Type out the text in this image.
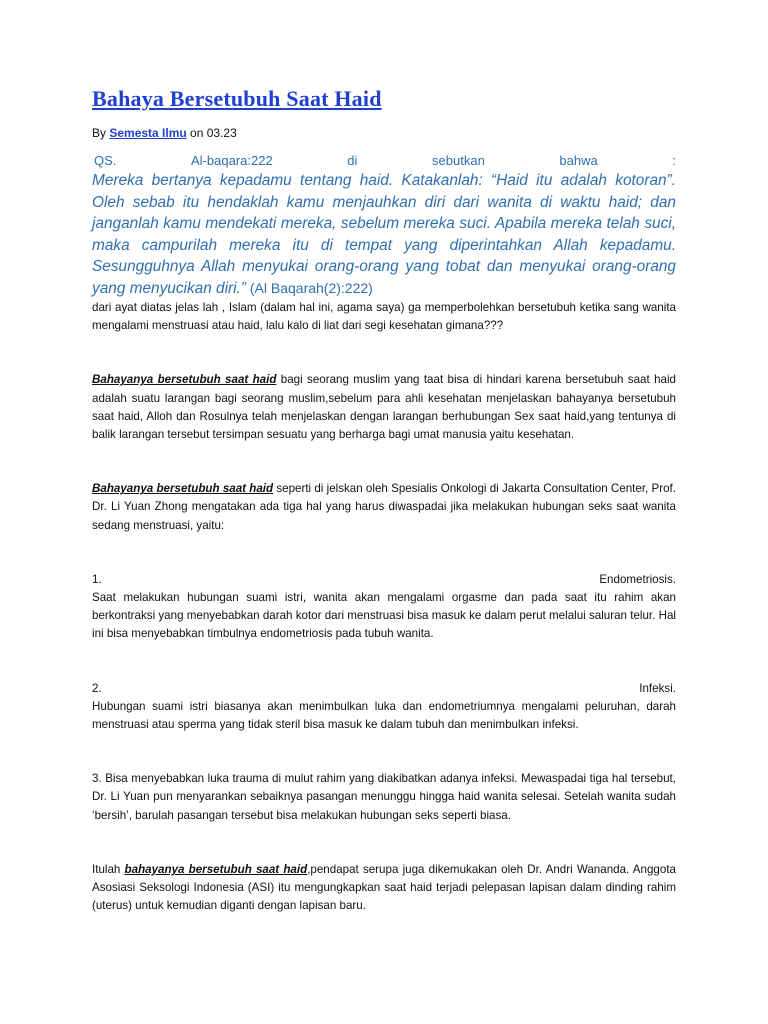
Bahaya Bersetubuh Saat Haid
By Semesta Ilmu on 03.23
QS.	Al-baqara:222	di	sebutkan	bahwa	:

Mereka bertanya kepadamu tentang haid. Katakanlah: “Haid itu adalah kotoran”. Oleh sebab itu hendaklah kamu menjauhkan diri dari wanita di waktu haid; dan janganlah kamu mendekati mereka, sebelum mereka suci. Apabila mereka telah suci, maka campurilah mereka itu di tempat yang diperintahkan Allah kepadamu. Sesungguhnya Allah menyukai orang-orang yang tobat dan menyukai orang-orang yang menyucikan diri.” (Al Baqarah(2):222)

dari ayat diatas jelas lah , Islam (dalam hal ini, agama saya) ga memperbolehkan bersetubuh ketika sang wanita mengalami menstruasi atau haid, lalu kalo di liat dari segi kesehatan gimana???

Bahayanya bersetubuh saat haid bagi seorang muslim yang taat bisa di hindari karena bersetubuh saat haid adalah suatu larangan bagi seorang muslim,sebelum para ahli kesehatan menjelaskan bahayanya bersetubuh saat haid, Alloh dan Rosulnya telah menjelaskan dengan larangan berhubungan Sex saat haid,yang tentunya di balik larangan tersebut tersimpan sesuatu yang berharga bagi umat manusia yaitu kesehatan.

Bahayanya bersetubuh saat haid seperti di jelskan oleh Spesialis Onkologi di Jakarta Consultation Center, Prof. Dr. Li Yuan Zhong mengatakan ada tiga hal yang harus diwaspadai jika melakukan hubungan seks saat wanita sedang menstruasi, yaitu:

1.	Endometriosis.

Saat melakukan hubungan suami istri, wanita akan mengalami orgasme dan pada saat itu rahim akan berkontraksi yang menyebabkan darah kotor dari menstruasi bisa masuk ke dalam perut melalui saluran telur. Hal ini bisa menyebabkan timbulnya endometriosis pada tubuh wanita.

2.	Infeksi.

Hubungan suami istri biasanya akan menimbulkan luka dan endometriumnya mengalami peluruhan, darah menstruasi atau sperma yang tidak steril bisa masuk ke dalam tubuh dan menimbulkan infeksi.

3. Bisa menyebabkan luka trauma di mulut rahim yang diakibatkan adanya infeksi. Mewaspadai tiga hal tersebut, Dr. Li Yuan pun menyarankan sebaiknya pasangan menunggu hingga haid wanita selesai. Setelah wanita sudah ‘bersih’, barulah pasangan tersebut bisa melakukan hubungan seks seperti biasa.

Itulah bahayanya bersetubuh saat haid,pendapat serupa juga dikemukakan oleh Dr. Andri Wananda. Anggota Asosiasi Seksologi Indonesia (ASI) itu mengungkapkan saat haid terjadi pelepasan lapisan dalam dinding rahim (uterus) untuk kemudian diganti dengan lapisan baru.
